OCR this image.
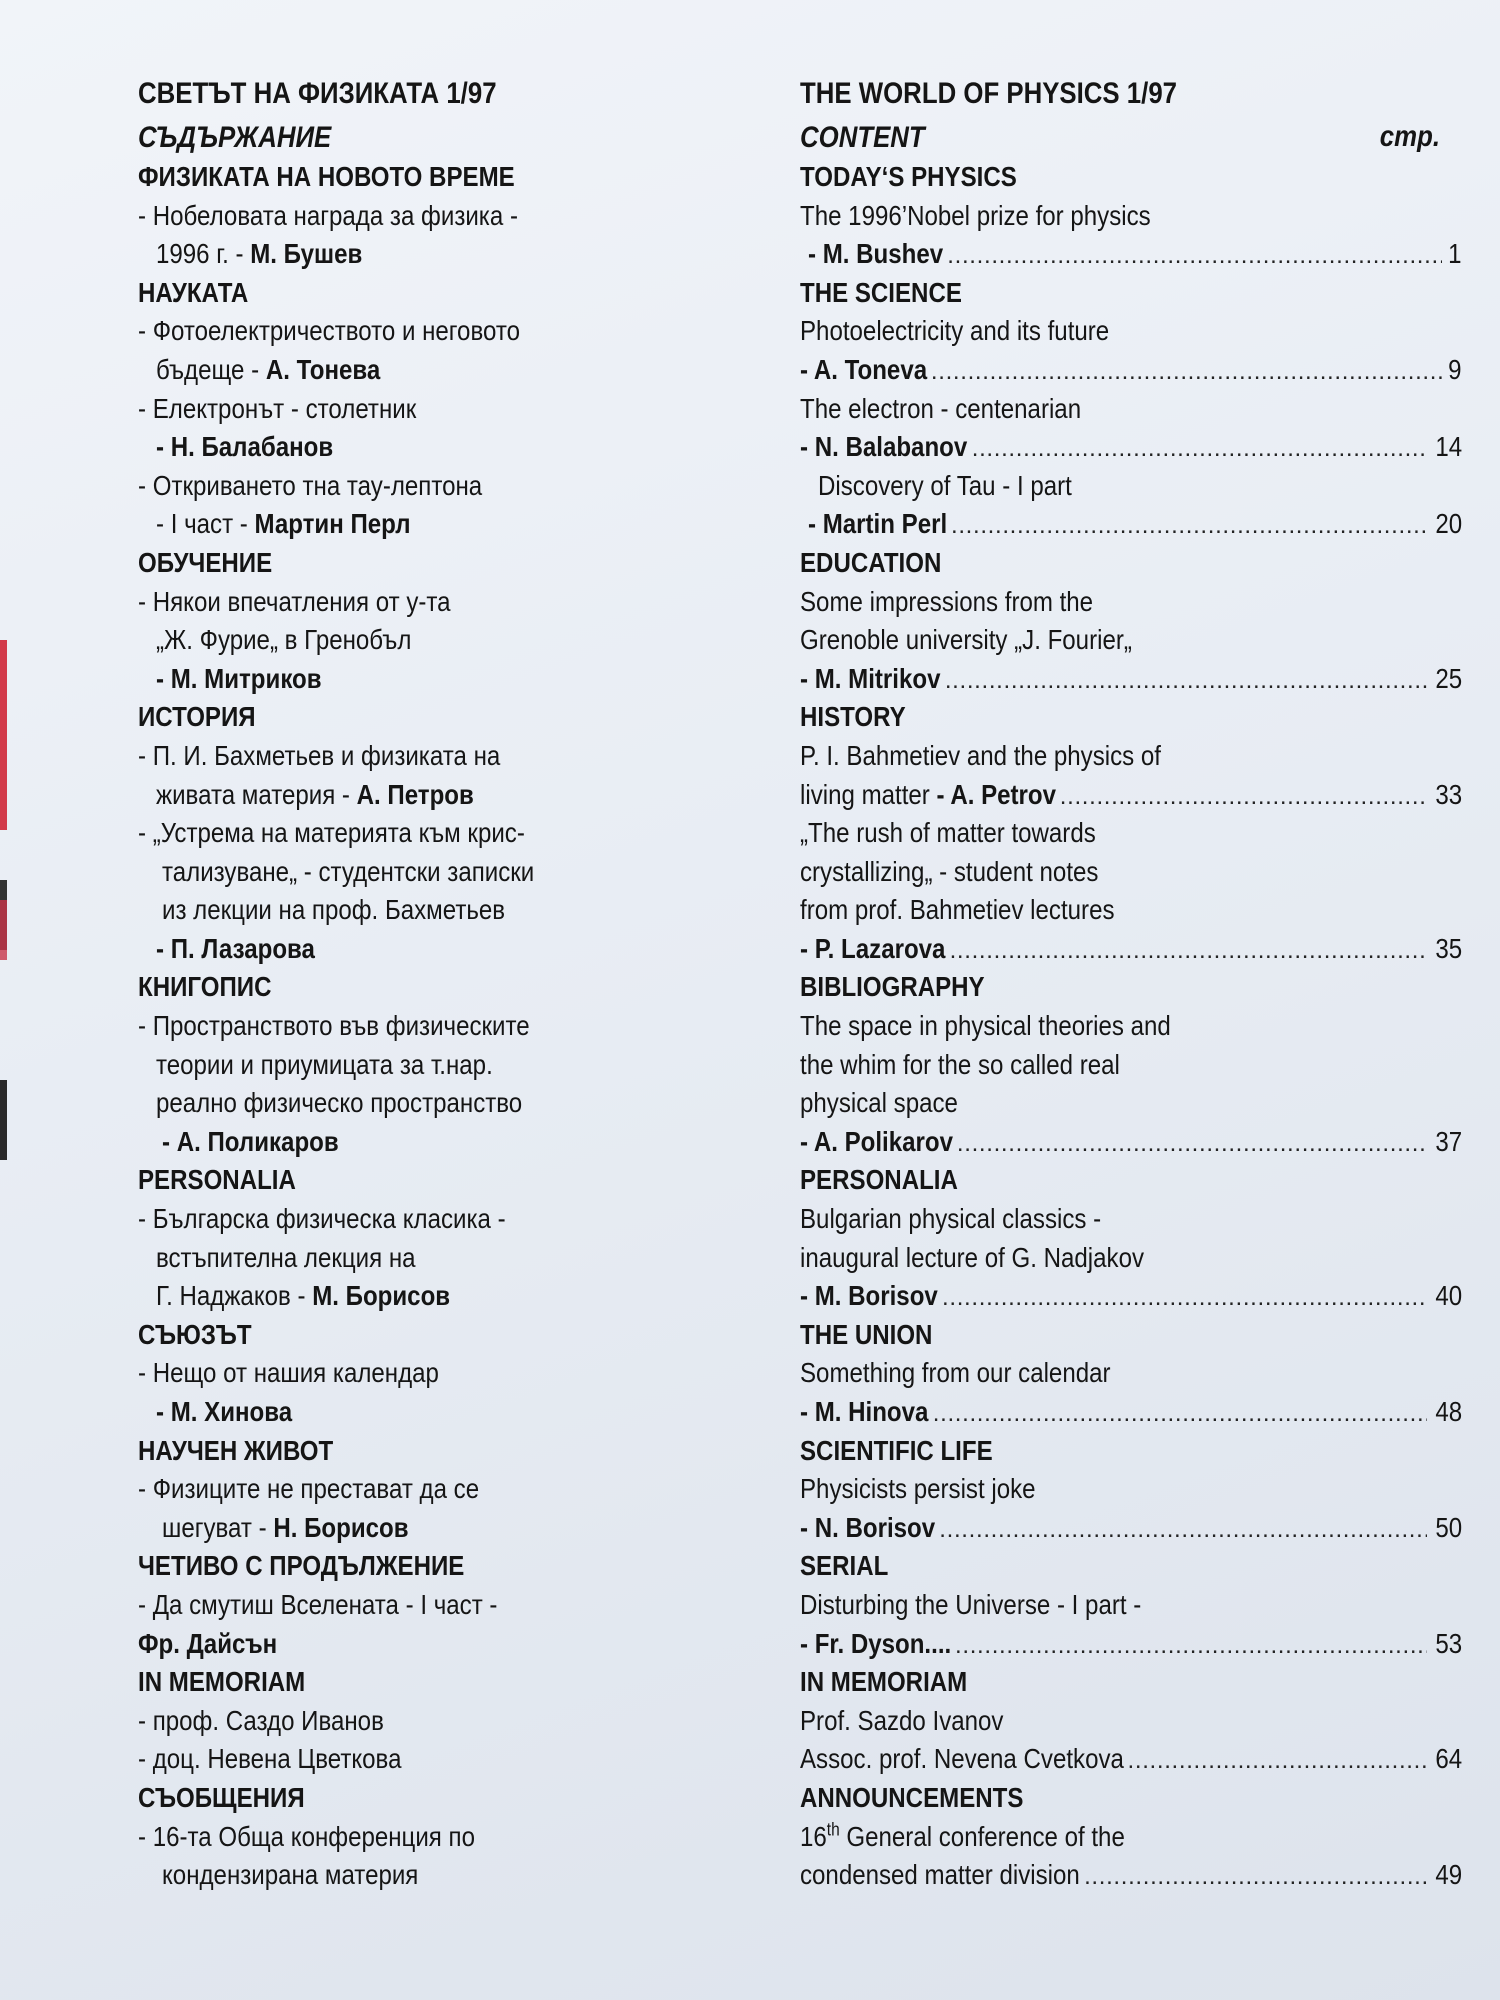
СВЕТЪТ НА ФИЗИКАТА 1/97
СЪДЪРЖАНИЕ
ФИЗИКАТА НА НОВОТО ВРЕМЕ
- Нобеловата награда за физика -
1996 г. - М. Бушев
НАУКАТА
- Фотоелектричеството и неговото
бъдеще - А. Тонева
- Електронът - столетник
- Н. Балабанов
- Откриването тна тау-лептона
- I част - Мартин Перл
ОБУЧЕНИЕ
- Някои впечатления от у-та
„Ж. Фурие„ в Гренобъл
- М. Митриков
ИСТОРИЯ
- П. И. Бахметьев и физиката на
живата материя - А. Петров
- „Устрема на материята към крис-
тализуване„ - студентски записки
из лекции на проф. Бахметьев
- П. Лазарова
КНИГОПИС
- Пространството във физическите
теории и приумицата за т.нар.
реално физическо пространство
- А. Поликаров
PERSONALIA
- Българска физическа класика -
встъпителна лекция на
Г. Наджаков - М. Борисов
СЪЮЗЪТ
- Нещо от нашия календар
- М. Хинова
НАУЧЕН ЖИВОТ
- Физиците не престават да се
шегуват - Н. Борисов
ЧЕТИВО С ПРОДЪЛЖЕНИЕ
- Да смутиш Вселената - I част -
Фр. Дайсън
IN MEMORIAM
- проф. Саздо Иванов
- доц. Невена Цветкова
СЪОБЩЕНИЯ
- 16-та Обща конференция по
кондензирана материя
THE WORLD OF PHYSICS 1/97
CONTENT	стр.
TODAY‘S PHYSICS
The 1996’Nobel prize for physics
- M. Bushev . . .	1
THE SCIENCE
Photoelectricity and its future
- A. Toneva . . .	9
The electron - centenarian
- N. Balabanov . . .	14
Discovery of Tau - I part
- Martin Perl . . .	20
EDUCATION
Some impressions from the
Grenoble university „J. Fourier„
- M. Mitrikov . . .	25
HISTORY
P. I. Bahmetiev and the physics of
living matter - A. Petrov . . .	33
„The rush of matter towards
crystallizing„ - student notes
from prof. Bahmetiev lectures
- P. Lazarova . . .	35
BIBLIOGRAPHY
The space in physical theories and
the whim for the so called real
physical space
- A. Polikarov . . .	37
PERSONALIA
Bulgarian physical classics -
inaugural lecture of G. Nadjakov
- M. Borisov . . .	40
THE UNION
Something from our calendar
- M. Hinova . . .	48
SCIENTIFIC LIFE
Physicists persist joke
- N. Borisov . . .	50
SERIAL
Disturbing the Universe - I part -
- Fr. Dyson.... . . .	53
IN MEMORIAM
Prof. Sazdo Ivanov
Assoc. prof. Nevena Cvetkova . . .	64
ANNOUNCEMENTS
16th General conference of the
condensed matter division . . .	49
